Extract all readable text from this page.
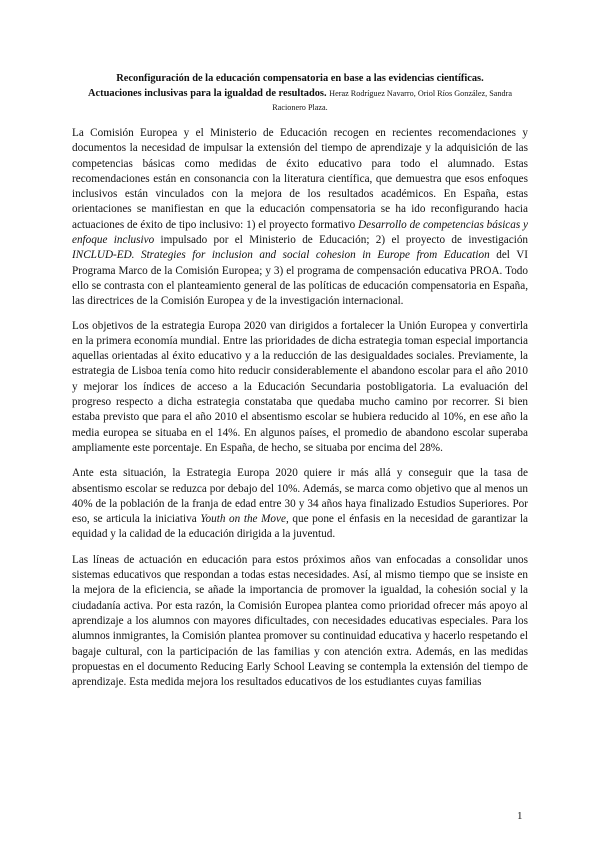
Reconfiguración de la educación compensatoria en base a las evidencias científicas.
Actuaciones inclusivas para la igualdad de resultados. Heraz Rodríguez Navarro, Oriol Ríos González, Sandra Racionero Plaza.

La Comisión Europea y el Ministerio de Educación recogen en recientes recomendaciones y documentos la necesidad de impulsar la extensión del tiempo de aprendizaje y la adquisición de las competencias básicas como medidas de éxito educativo para todo el alumnado. Estas recomendaciones están en consonancia con la literatura científica, que demuestra que esos enfoques inclusivos están vinculados con la mejora de los resultados académicos. En España, estas orientaciones se manifiestan en que la educación compensatoria se ha ido reconfigurando hacia actuaciones de éxito de tipo inclusivo: 1) el proyecto formativo Desarrollo de competencias básicas y enfoque inclusivo impulsado por el Ministerio de Educación; 2) el proyecto de investigación INCLUD-ED. Strategies for inclusion and social cohesion in Europe from Education del VI Programa Marco de la Comisión Europea; y 3) el programa de compensación educativa PROA. Todo ello se contrasta con el planteamiento general de las políticas de educación compensatoria en España, las directrices de la Comisión Europea y de la investigación internacional.

Los objetivos de la estrategia Europa 2020 van dirigidos a fortalecer la Unión Europea y convertirla en la primera economía mundial. Entre las prioridades de dicha estrategia toman especial importancia aquellas orientadas al éxito educativo y a la reducción de las desigualdades sociales. Previamente, la estrategia de Lisboa tenía como hito reducir considerablemente el abandono escolar para el año 2010 y mejorar los índices de acceso a la Educación Secundaria postobligatoria. La evaluación del progreso respecto a dicha estrategia constataba que quedaba mucho camino por recorrer. Si bien estaba previsto que para el año 2010 el absentismo escolar se hubiera reducido al 10%, en ese año la media europea se situaba en el 14%. En algunos países, el promedio de abandono escolar superaba ampliamente este porcentaje. En España, de hecho, se situaba por encima del 28%.

Ante esta situación, la Estrategia Europa 2020 quiere ir más allá y conseguir que la tasa de absentismo escolar se reduzca por debajo del 10%. Además, se marca como objetivo que al menos un 40% de la población de la franja de edad entre 30 y 34 años haya finalizado Estudios Superiores. Por eso, se articula la iniciativa Youth on the Move, que pone el énfasis en la necesidad de garantizar la equidad y la calidad de la educación dirigida a la juventud.

Las líneas de actuación en educación para estos próximos años van enfocadas a consolidar unos sistemas educativos que respondan a todas estas necesidades. Así, al mismo tiempo que se insiste en la mejora de la eficiencia, se añade la importancia de promover la igualdad, la cohesión social y la ciudadanía activa. Por esta razón, la Comisión Europea plantea como prioridad ofrecer más apoyo al aprendizaje a los alumnos con mayores dificultades, con necesidades educativas especiales. Para los alumnos inmigrantes, la Comisión plantea promover su continuidad educativa y hacerlo respetando el bagaje cultural, con la participación de las familias y con atención extra. Además, en las medidas propuestas en el documento Reducing Early School Leaving se contempla la extensión del tiempo de aprendizaje. Esta medida mejora los resultados educativos de los estudiantes cuyas familias

1
